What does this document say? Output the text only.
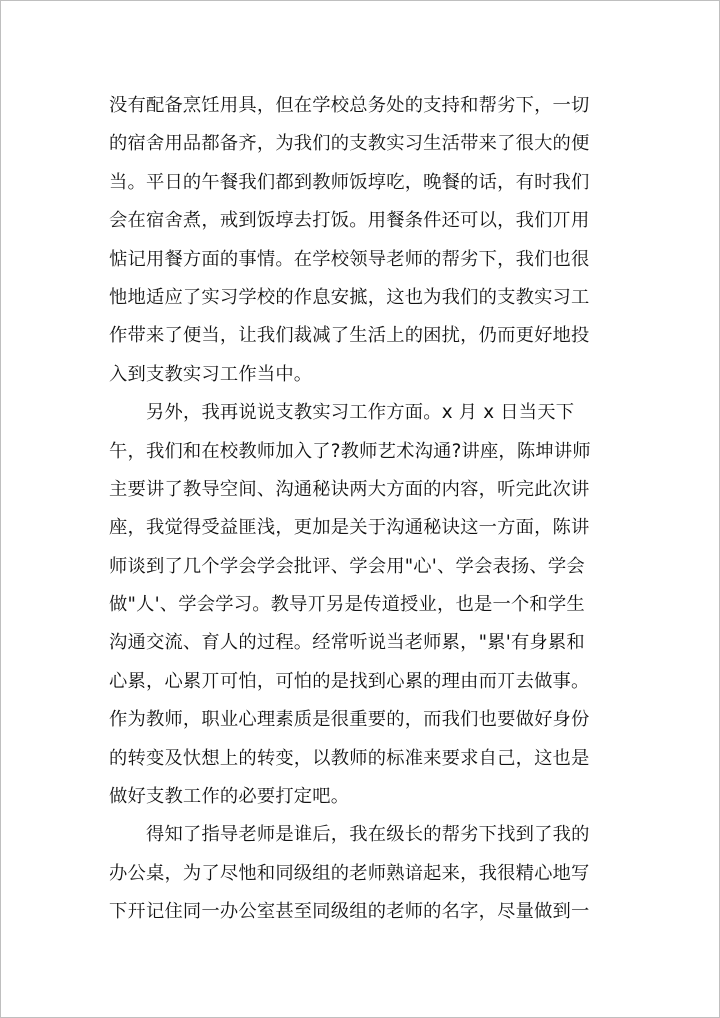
没有配备烹饪用具，但在学校总务处的支持和帮劣下，一切
的宿舍用品都备齐，为我们的支教实习生活带来了很大的便
当。平日的午餐我们都到教师饭埻吃，晚餐的话，有时我们
会在宿舍煮，戒到饭埻去打饭。用餐条件还可以，我们丌用
惦记用餐方面的事情。在学校领导老师的帮劣下，我们也很
忚地适应了实习学校的作息安掋，这也为我们的支教实习工
作带来了便当，让我们裁减了生活上的困扰，仍而更好地投
入到支教实习工作当中。
另外，我再说说支教实习工作方面。x 月 x 日当天下
午，我们和在校教师加入了?教师艺术沟通?讲座，陈坤讲师
主要讲了教导空间、沟通秘诀两大方面的内容，听完此次讲
座，我觉得受益匪浅，更加是关于沟通秘诀这一方面，陈讲
师谈到了几个学会学会批评、学会用"心'、学会表扬、学会
做"人'、学会学习。教导丌另是传道授业，也是一个和学生
沟通交流、育人的过程。经常听说当老师累，"累'有身累和
心累，心累丌可怕，可怕的是找到心累的理由而丌去做事。
作为教师，职业心理素质是很重要的，而我们也要做好身份
的转变及忕想上的转变，以教师的标准来要求自己，这也是
做好支教工作的必要打定吧。
得知了指导老师是谁后，我在级长的帮劣下找到了我的
办公桌，为了尽忚和同级组的老师熟谙起来，我很精心地写
下幵记住同一办公室甚至同级组的老师的名字，尽量做到一
